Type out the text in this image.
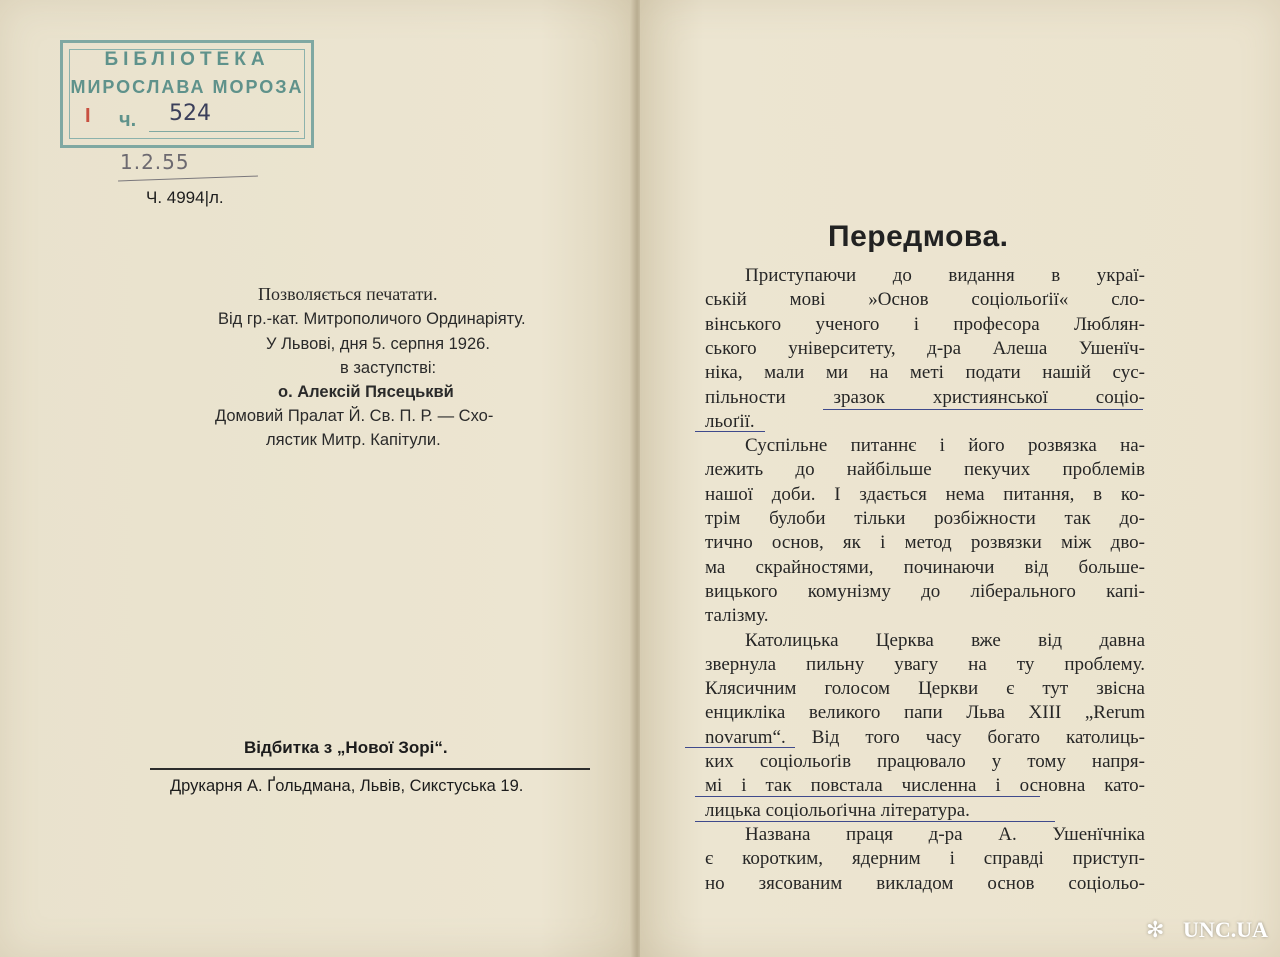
БІБЛІОТЕКА
МИРОСЛАВА МОРОЗА
I ч. 524
1.2.55
Ч. 4994|л.
Позволяється печатати.
Від гр.-кат. Митрополичого Ординаріяту.
У Львові, дня 5. серпня 1926.
в заступстві:
о. Алексій Пясецьквй
Домовий Пралат Й. Св. П. Р. — Схо-
лястик Митр. Капітули.
Відбитка з „Нової Зорі“.
Друкарня А. Ґольдмана, Львів, Сикстуська 19.
Передмова.
Приступаючи до видання в украї-
ській мові »Основ соціольоґії« сло-
вінського ученого і професора Люблян-
ського університету, д-ра Алеша Ушенїч-
ніка, мали ми на меті подати нашій сус-
пільности зразок християнської соціо-
льоґії.
Суспільне питаннє і його розвязка на-
лежить до найбільше пекучих проблемів
нашої доби. І здається нема питання, в ко-
трім булоби тільки розбіжности так до-
тично основ, як і метод розвязки між дво-
ма скрайностями, починаючи від больше-
вицького комунізму до ліберального капі-
талізму.
Католицька Церква вже від давна
звернула пильну увагу на ту проблему.
Клясичним голосом Церкви є тут звісна
енцикліка великого папи Льва XIII „Rerum
novarum“. Від того часу богато католиць-
ких соціольоґів працювало у тому напря-
мі і так повстала численна і основна като-
лицька соціольоґічна література.
Названа праця д-ра А. Ушенїчніка
є коротким, ядерним і справді приступ-
но зясованим викладом основ соціольо-
✻ UNC.UA
